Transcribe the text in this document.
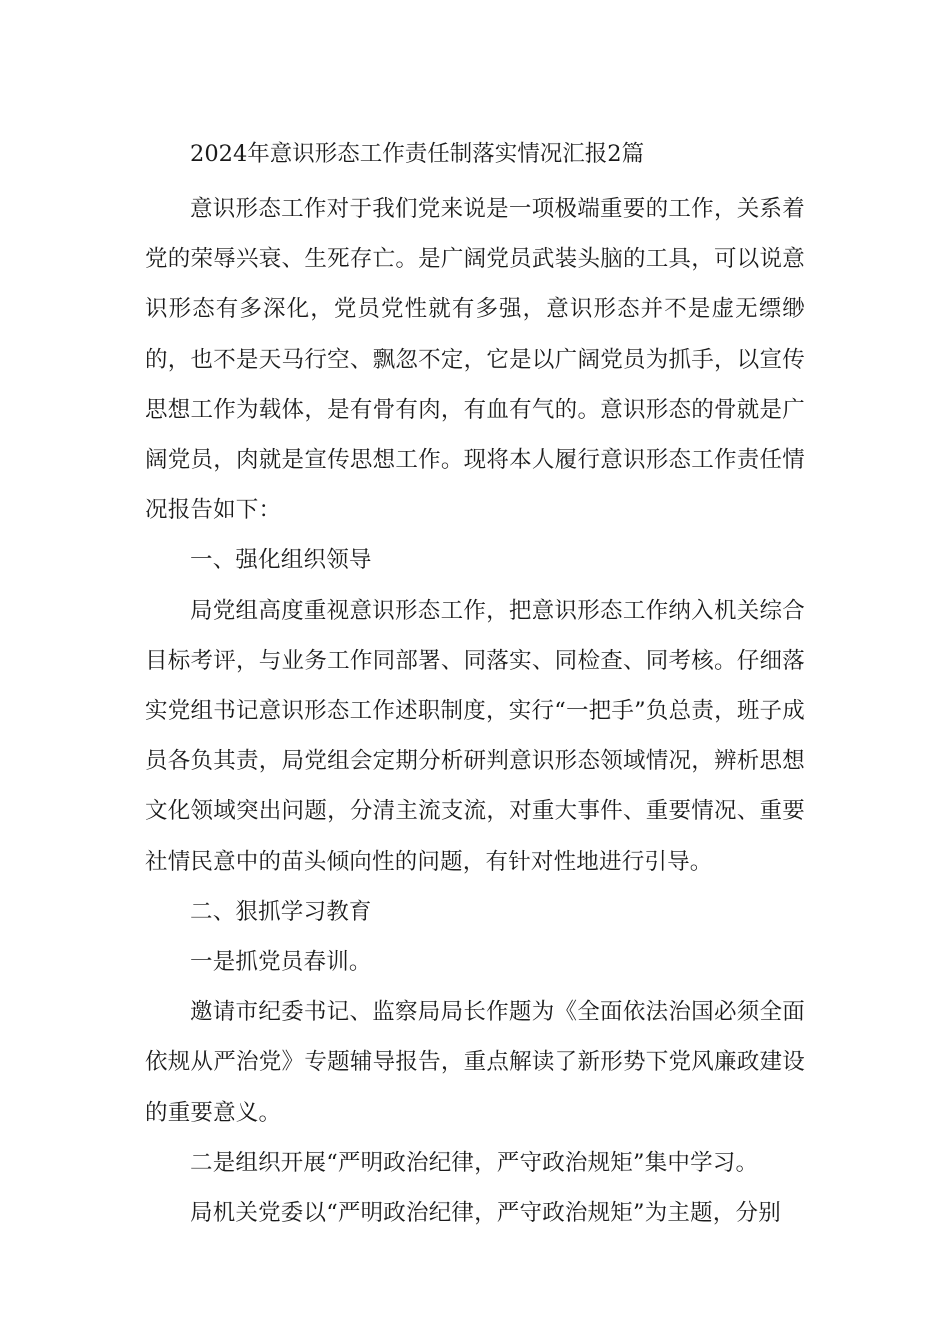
2024年意识形态工作责任制落实情况汇报2篇

意识形态工作对于我们党来说是一项极端重要的工作，关系着党的荣辱兴衰、生死存亡。是广阔党员武装头脑的工具，可以说意识形态有多深化，党员党性就有多强，意识形态并不是虚无缥缈的，也不是天马行空、飘忽不定，它是以广阔党员为抓手，以宣传思想工作为载体，是有骨有肉，有血有气的。意识形态的骨就是广阔党员，肉就是宣传思想工作。现将本人履行意识形态工作责任情况报告如下：

一、强化组织领导

局党组高度重视意识形态工作，把意识形态工作纳入机关综合目标考评，与业务工作同部署、同落实、同检查、同考核。仔细落实党组书记意识形态工作述职制度，实行“一把手”负总责，班子成员各负其责，局党组会定期分析研判意识形态领域情况，辨析思想文化领域突出问题，分清主流支流，对重大事件、重要情况、重要社情民意中的苗头倾向性的问题，有针对性地进行引导。

二、狠抓学习教育

一是抓党员春训。

邀请市纪委书记、监察局局长作题为《全面依法治国必须全面依规从严治党》专题辅导报告，重点解读了新形势下党风廉政建设的重要意义。

二是组织开展“严明政治纪律，严守政治规矩”集中学习。

局机关党委以“严明政治纪律，严守政治规矩”为主题，分别
